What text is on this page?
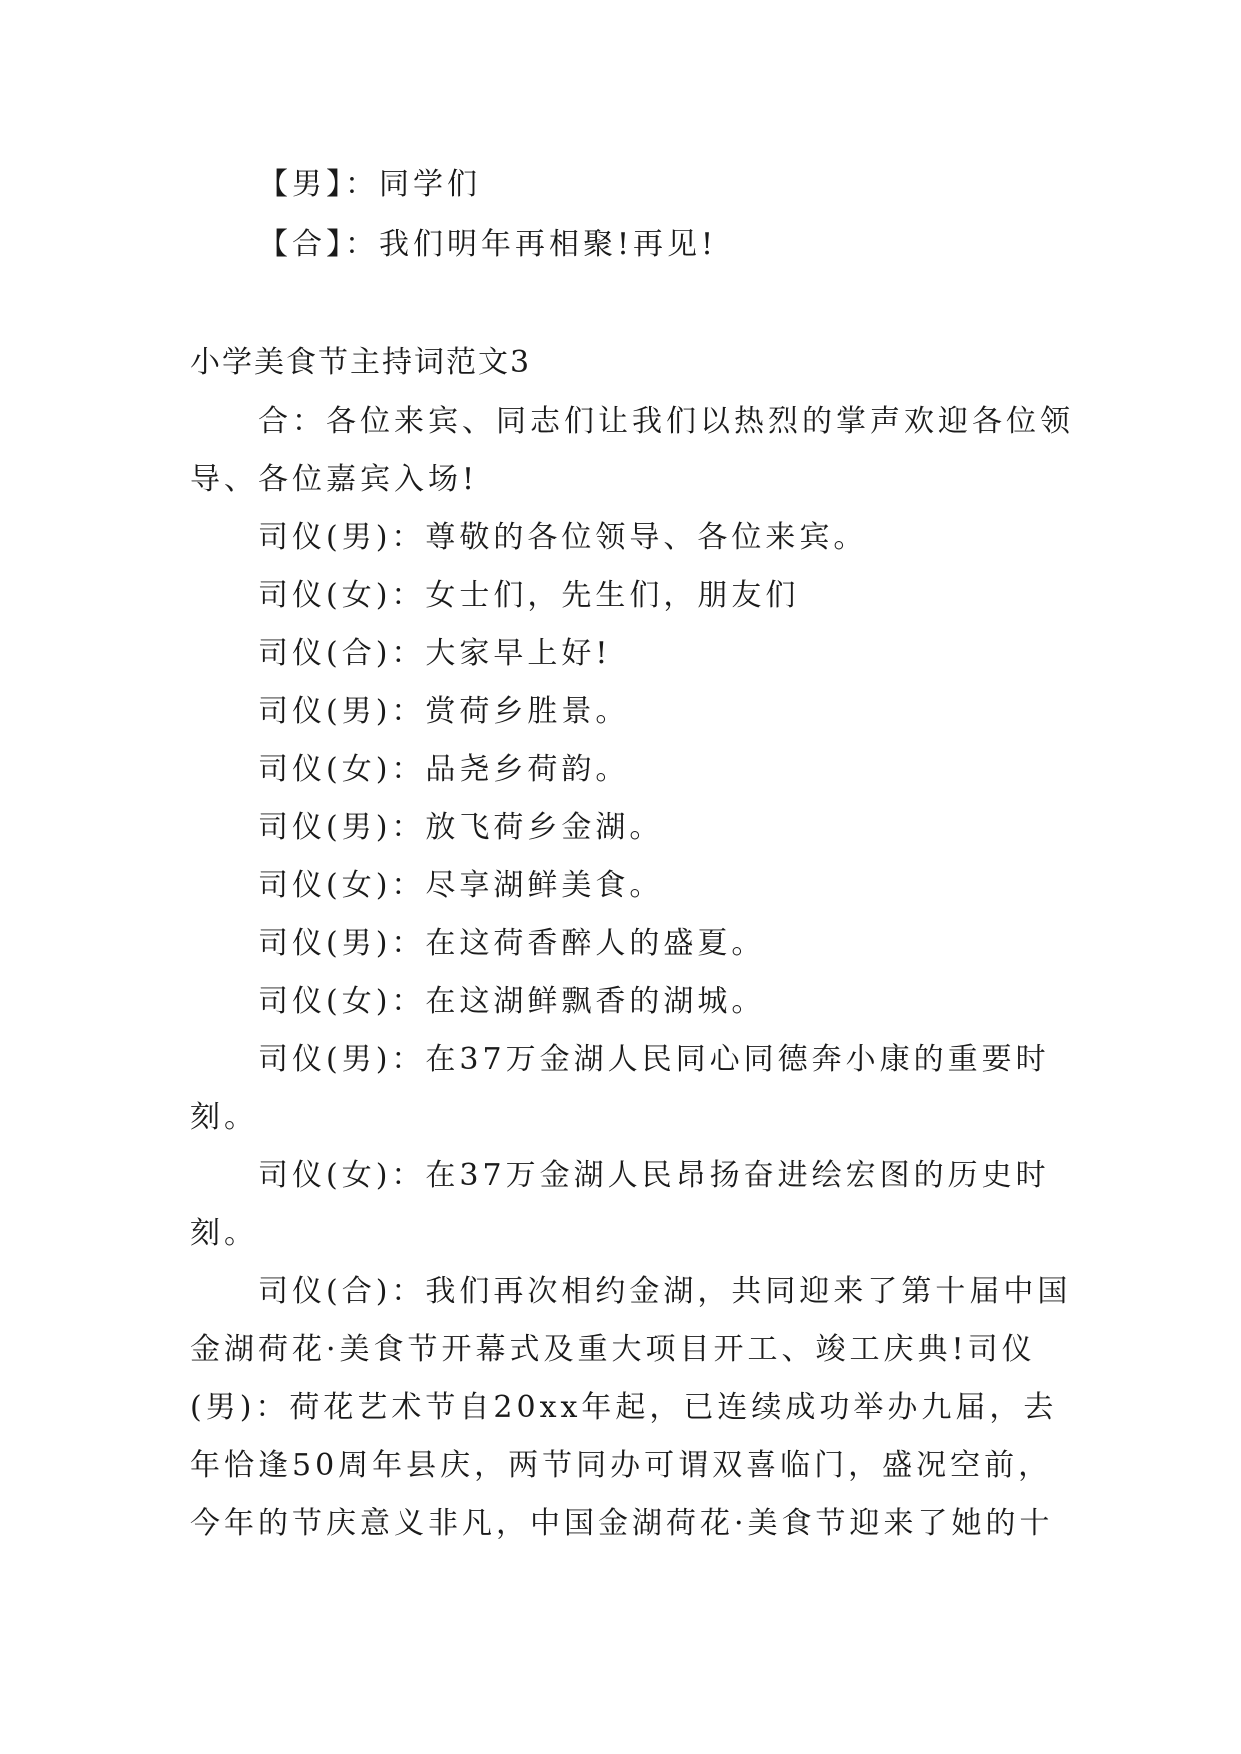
【男】：同学们
【合】：我们明年再相聚!再见!
小学美食节主持词范文3
合：各位来宾、同志们让我们以热烈的掌声欢迎各位领
导、各位嘉宾入场!
司仪(男)：尊敬的各位领导、各位来宾。
司仪(女)：女士们，先生们，朋友们
司仪(合)：大家早上好!
司仪(男)：赏荷乡胜景。
司仪(女)：品尧乡荷韵。
司仪(男)：放飞荷乡金湖。
司仪(女)：尽享湖鲜美食。
司仪(男)：在这荷香醉人的盛夏。
司仪(女)：在这湖鲜飘香的湖城。
司仪(男)：在37万金湖人民同心同德奔小康的重要时
刻。
司仪(女)：在37万金湖人民昂扬奋进绘宏图的历史时
刻。
司仪(合)：我们再次相约金湖，共同迎来了第十届中国
金湖荷花·美食节开幕式及重大项目开工、竣工庆典!司仪
(男)：荷花艺术节自20xx年起，已连续成功举办九届，去
年恰逢50周年县庆，两节同办可谓双喜临门，盛况空前，
今年的节庆意义非凡，中国金湖荷花·美食节迎来了她的十
